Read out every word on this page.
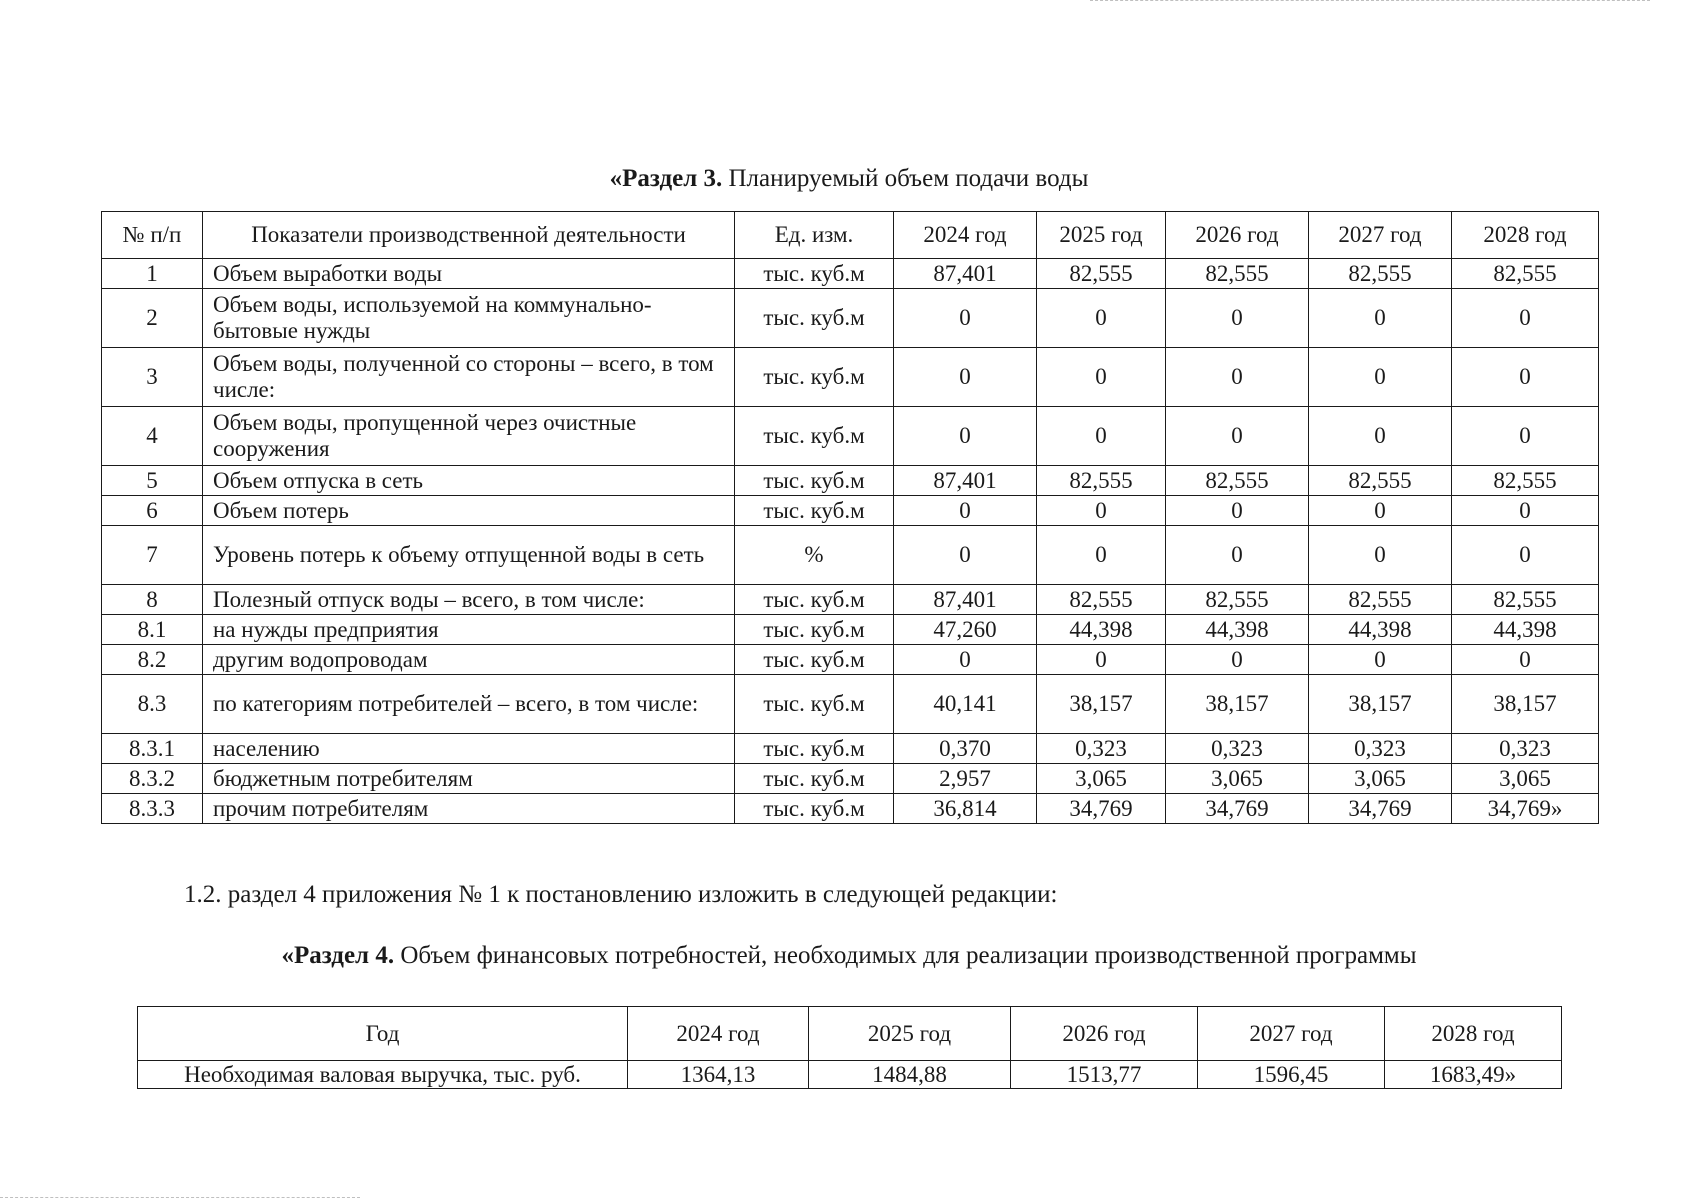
«Раздел 3. Планируемый объем подачи воды
№ п/п	Показатели производственной деятельности	Ед. изм.	2024 год	2025 год	2026 год	2027 год	2028 год
1	Объем выработки воды	тыс. куб.м	87,401	82,555	82,555	82,555	82,555
2	Объем воды, используемой на коммунально-бытовые нужды	тыс. куб.м	0	0	0	0	0
3	Объем воды, полученной со стороны – всего, в том числе:	тыс. куб.м	0	0	0	0	0
4	Объем воды, пропущенной через очистные сооружения	тыс. куб.м	0	0	0	0	0
5	Объем отпуска в сеть	тыс. куб.м	87,401	82,555	82,555	82,555	82,555
6	Объем потерь	тыс. куб.м	0	0	0	0	0
7	Уровень потерь к объему отпущенной воды в сеть	%	0	0	0	0	0
8	Полезный отпуск воды – всего, в том числе:	тыс. куб.м	87,401	82,555	82,555	82,555	82,555
8.1	на нужды предприятия	тыс. куб.м	47,260	44,398	44,398	44,398	44,398
8.2	другим водопроводам	тыс. куб.м	0	0	0	0	0
8.3	по категориям потребителей – всего, в том числе:	тыс. куб.м	40,141	38,157	38,157	38,157	38,157
8.3.1	населению	тыс. куб.м	0,370	0,323	0,323	0,323	0,323
8.3.2	бюджетным потребителям	тыс. куб.м	2,957	3,065	3,065	3,065	3,065
8.3.3	прочим потребителям	тыс. куб.м	36,814	34,769	34,769	34,769	34,769»
1.2. раздел 4 приложения № 1 к постановлению изложить в следующей редакции:
«Раздел 4. Объем финансовых потребностей, необходимых для реализации производственной программы
Год	2024 год	2025 год	2026 год	2027 год	2028 год
Необходимая валовая выручка, тыс. руб.	1364,13	1484,88	1513,77	1596,45	1683,49»
